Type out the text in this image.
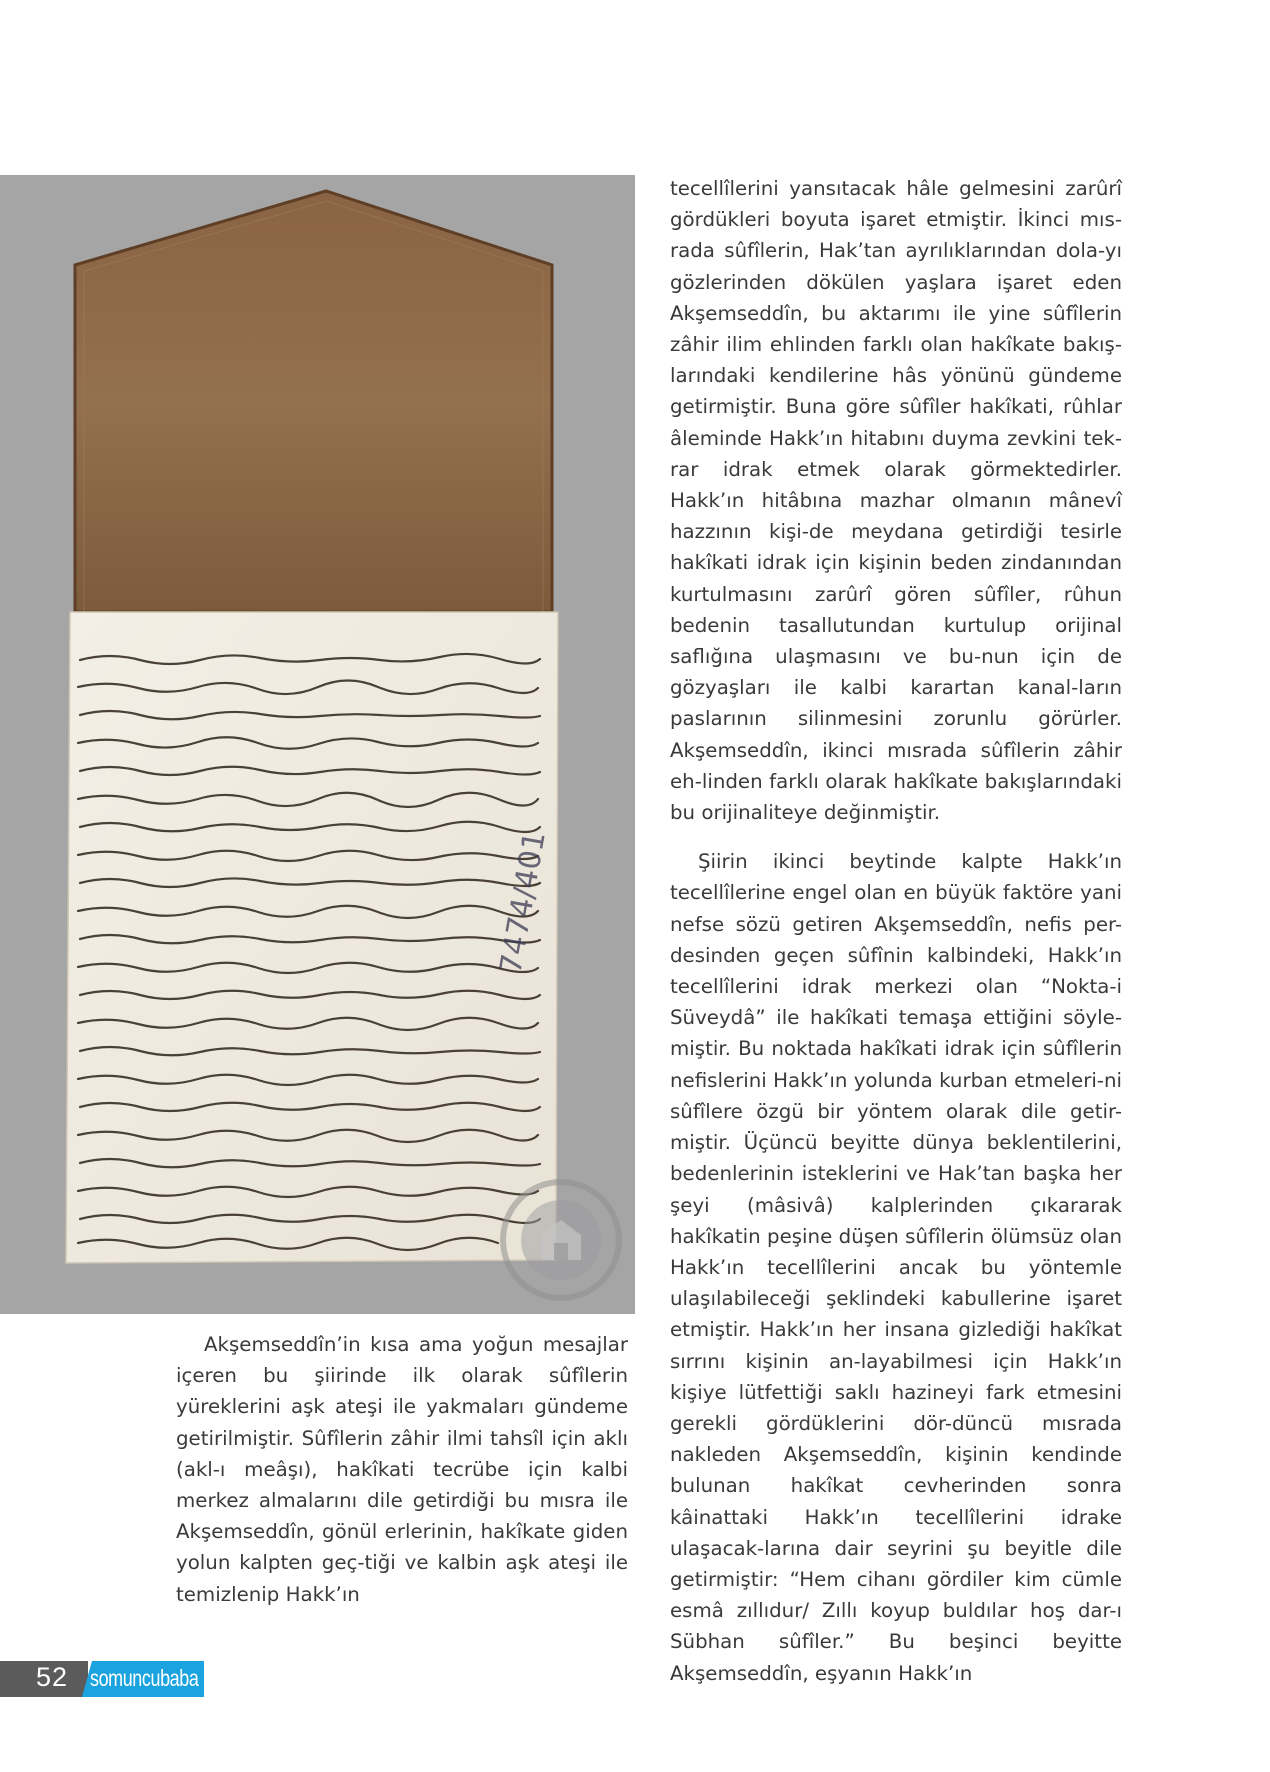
7474/401

Akşemseddîn’in kısa ama yoğun mesajlar içeren bu şiirinde ilk olarak sûfîlerin yüreklerini aşk ateşi ile yakmaları gündeme getirilmiştir. Sûfîlerin zâhir ilmi tahsîl için aklı (akl-ı meâşı), hakîkati tecrübe için kalbi merkez almalarını dile getirdiği bu mısra ile Akşemseddîn, gönül erlerinin, hakîkate giden yolun kalpten geç-tiği ve kalbin aşk ateşi ile temizlenip Hakk’ın

tecellîlerini yansıtacak hâle gelmesini zarûrî gördükleri boyuta işaret etmiştir. İkinci mıs-rada sûfîlerin, Hak’tan ayrılıklarından dola-yı gözlerinden dökülen yaşlara işaret eden Akşemseddîn, bu aktarımı ile yine sûfîlerin zâhir ilim ehlinden farklı olan hakîkate bakış-larındaki kendilerine hâs yönünü gündeme getirmiştir. Buna göre sûfîler hakîkati, rûhlar âleminde Hakk’ın hitabını duyma zevkini tek-rar idrak etmek olarak görmektedirler. Hakk’ın hitâbına mazhar olmanın mânevî hazzının kişi-de meydana getirdiği tesirle hakîkati idrak için kişinin beden zindanından kurtulmasını zarûrî gören sûfîler, rûhun bedenin tasallutundan kurtulup orijinal saflığına ulaşmasını ve bu-nun için de gözyaşları ile kalbi karartan kanal-ların paslarının silinmesini zorunlu görürler. Akşemseddîn, ikinci mısrada sûfîlerin zâhir eh-linden farklı olarak hakîkate bakışlarındaki bu orijinaliteye değinmiştir.

Şiirin ikinci beytinde kalpte Hakk’ın tecellîlerine engel olan en büyük faktöre yani nefse sözü getiren Akşemseddîn, nefis per-desinden geçen sûfînin kalbindeki, Hakk’ın tecellîlerini idrak merkezi olan “Nokta-i Süveydâ” ile hakîkati temaşa ettiğini söyle-miştir. Bu noktada hakîkati idrak için sûfîlerin nefislerini Hakk’ın yolunda kurban etmeleri-ni sûfîlere özgü bir yöntem olarak dile getir-miştir. Üçüncü beyitte dünya beklentilerini, bedenlerinin isteklerini ve Hak’tan başka her şeyi (mâsivâ) kalplerinden çıkararak hakîkatin peşine düşen sûfîlerin ölümsüz olan Hakk’ın tecellîlerini ancak bu yöntemle ulaşılabileceği şeklindeki kabullerine işaret etmiştir. Hakk’ın her insana gizlediği hakîkat sırrını kişinin an-layabilmesi için Hakk’ın kişiye lütfettiği saklı hazineyi fark etmesini gerekli gördüklerini dör-düncü mısrada nakleden Akşemseddîn, kişinin kendinde bulunan hakîkat cevherinden sonra kâinattaki Hakk’ın tecellîlerini idrake ulaşacak-larına dair seyrini şu beyitle dile getirmiştir: “Hem cihanı gördiler kim cümle esmâ zıllıdur/ Zıllı koyup buldılar hoş dar-ı Sübhan sûfîler.” Bu beşinci beyitte Akşemseddîn, eşyanın Hakk’ın

52 somuncubaba
